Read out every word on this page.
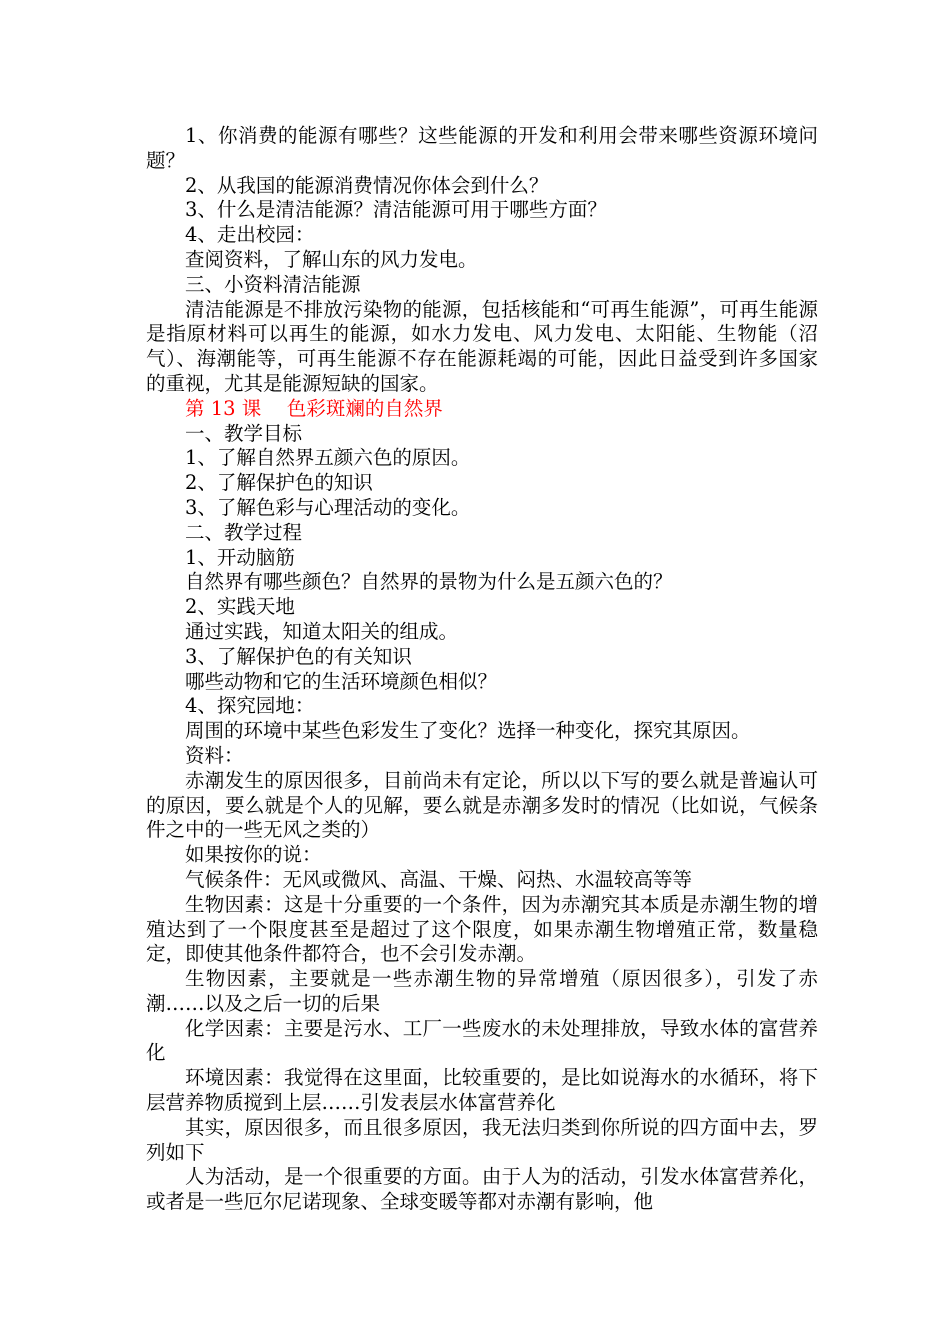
1、你消费的能源有哪些？这些能源的开发和利用会带来哪些资源环境问题？

2、从我国的能源消费情况你体会到什么？

3、什么是清洁能源？清洁能源可用于哪些方面？

4、走出校园：

查阅资料，了解山东的风力发电。

三、小资料清洁能源

清洁能源是不排放污染物的能源，包括核能和“可再生能源”，可再生能源是指原材料可以再生的能源，如水力发电、风力发电、太阳能、生物能（沼气）、海潮能等，可再生能源不存在能源耗竭的可能，因此日益受到许多国家的重视，尤其是能源短缺的国家。

第 13 课　 色彩斑斓的自然界

一、教学目标

1、了解自然界五颜六色的原因。

2、了解保护色的知识

3、了解色彩与心理活动的变化。

二、教学过程

1、开动脑筋

自然界有哪些颜色？自然界的景物为什么是五颜六色的？

2、实践天地

通过实践，知道太阳关的组成。

3、了解保护色的有关知识

哪些动物和它的生活环境颜色相似？

4、探究园地：

周围的环境中某些色彩发生了变化？选择一种变化，探究其原因。

资料：

赤潮发生的原因很多，目前尚未有定论，所以以下写的要么就是普遍认可的原因，要么就是个人的见解，要么就是赤潮多发时的情况（比如说，气候条件之中的一些无风之类的）

如果按你的说：

气候条件：无风或微风、高温、干燥、闷热、水温较高等等

生物因素：这是十分重要的一个条件，因为赤潮究其本质是赤潮生物的增殖达到了一个限度甚至是超过了这个限度，如果赤潮生物增殖正常，数量稳定，即使其他条件都符合，也不会引发赤潮。

生物因素，主要就是一些赤潮生物的异常增殖（原因很多），引发了赤潮……以及之后一切的后果

化学因素：主要是污水、工厂一些废水的未处理排放，导致水体的富营养化

环境因素：我觉得在这里面，比较重要的，是比如说海水的水循环，将下层营养物质搅到上层……引发表层水体富营养化

其实，原因很多，而且很多原因，我无法归类到你所说的四方面中去，罗列如下

人为活动，是一个很重要的方面。由于人为的活动，引发水体富营养化，或者是一些厄尔尼诺现象、全球变暖等都对赤潮有影响，他
